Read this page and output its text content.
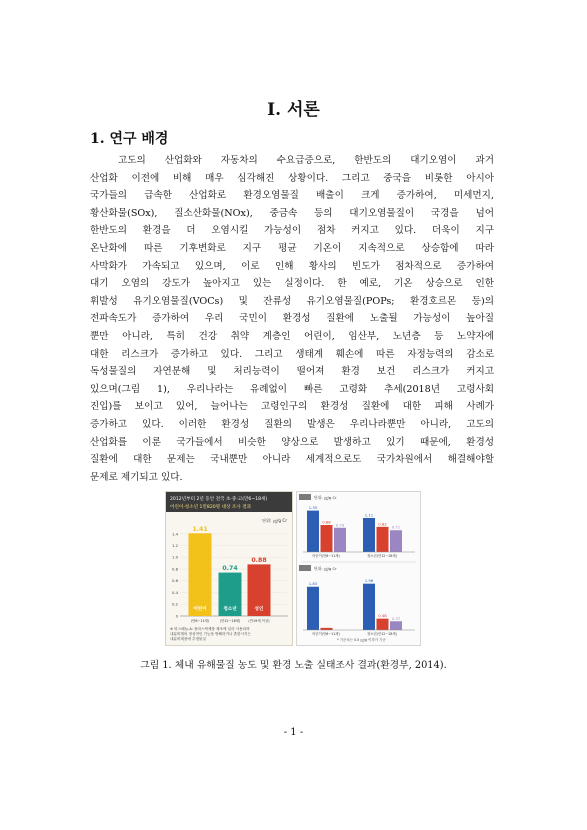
I. 서론
1. 연구 배경
고도의 산업화와 자동차의 수요급증으로, 한반도의 대기오염이 과거
산업화 이전에 비해 매우 심각해진 상황이다. 그리고 중국을 비롯한 아시아
국가들의 급속한 산업화로 환경오염물질 배출이 크게 증가하여, 미세먼지,
황산화물(SOx), 질소산화물(NOx), 중금속 등의 대기오염물질이 국경을 넘어
한반도의 환경을 더 오염시킬 가능성이 점차 커지고 있다. 더욱이 지구
온난화에 따른 기후변화로 지구 평균 기온이 지속적으로 상승함에 따라
사막화가 가속되고 있으며, 이로 인해 황사의 빈도가 점차적으로 증가하여
대기 오염의 강도가 높아지고 있는 실정이다. 한 예로, 기온 상승으로 인한
휘발성 유기오염물질(VOCs) 및 잔류성 유기오염물질(POPs; 환경호르몬 등)의
전파속도가 증가하여 우리 국민이 환경성 질환에 노출될 가능성이 높아질
뿐만 아니라, 특히 건강 취약 계층인 어린이, 임산부, 노년층 등 노약자에
대한 리스크가 증가하고 있다. 그리고 생태계 훼손에 따른 자정능력의 감소로
독성물질의 자연분해 및 처리능력이 떨어져 환경 보건 리스크가 커지고
있으며(그림 1), 우리나라는 유례없이 빠른 고령화 추세(2018년 고령사회
진입)를 보이고 있어, 늘어나는 고령인구의 환경성 질환에 대한 피해 사례가
증가하고 있다. 이러한 환경성 질환의 발생은 우리나라뿐만 아니라, 고도의
산업화를 이룬 국가들에서 비슷한 양상으로 발생하고 있기 때문에, 환경성
질환에 대한 문제는 국내뿐만 아니라 세계적으로도 국가차원에서 해결해야할
문제로 제기되고 있다.
2012년부터 2년 동안 전국 초·중·고(만6~18세)
어린이·청소년 1만820명 대상 조사 결과
단위: ㎍/g Cr
1.4
1.2
1.0
0.8
0.6
0.4
0.2
0
1.41
0.74
0.88
어린이
(만6~11세)
청소년
(만12~18세)
성인
(만19세 이상)
※ 비스페놀-A: 플라스틱제품 제조에 널리 사용되며
내분비계의 정상적인 기능을 방해하거나 혼란시키는
내분비계장애 추정물질
단위: ㎍/g Cr
1.35
0.88
0.79
1.11
0.82
0.71
어린이(만6~11세)	청소년(만12~18세)
단위: ㎍/g Cr
1.83
1.96
0.48
0.37
어린이(만6~11세)	청소년(만12~18세)
* 기준치는 0.5 ㎍/g 이하가 기준
그림 1. 체내 유해물질 농도 및 환경 노출 실태조사 결과(환경부, 2014).
- 1 -
